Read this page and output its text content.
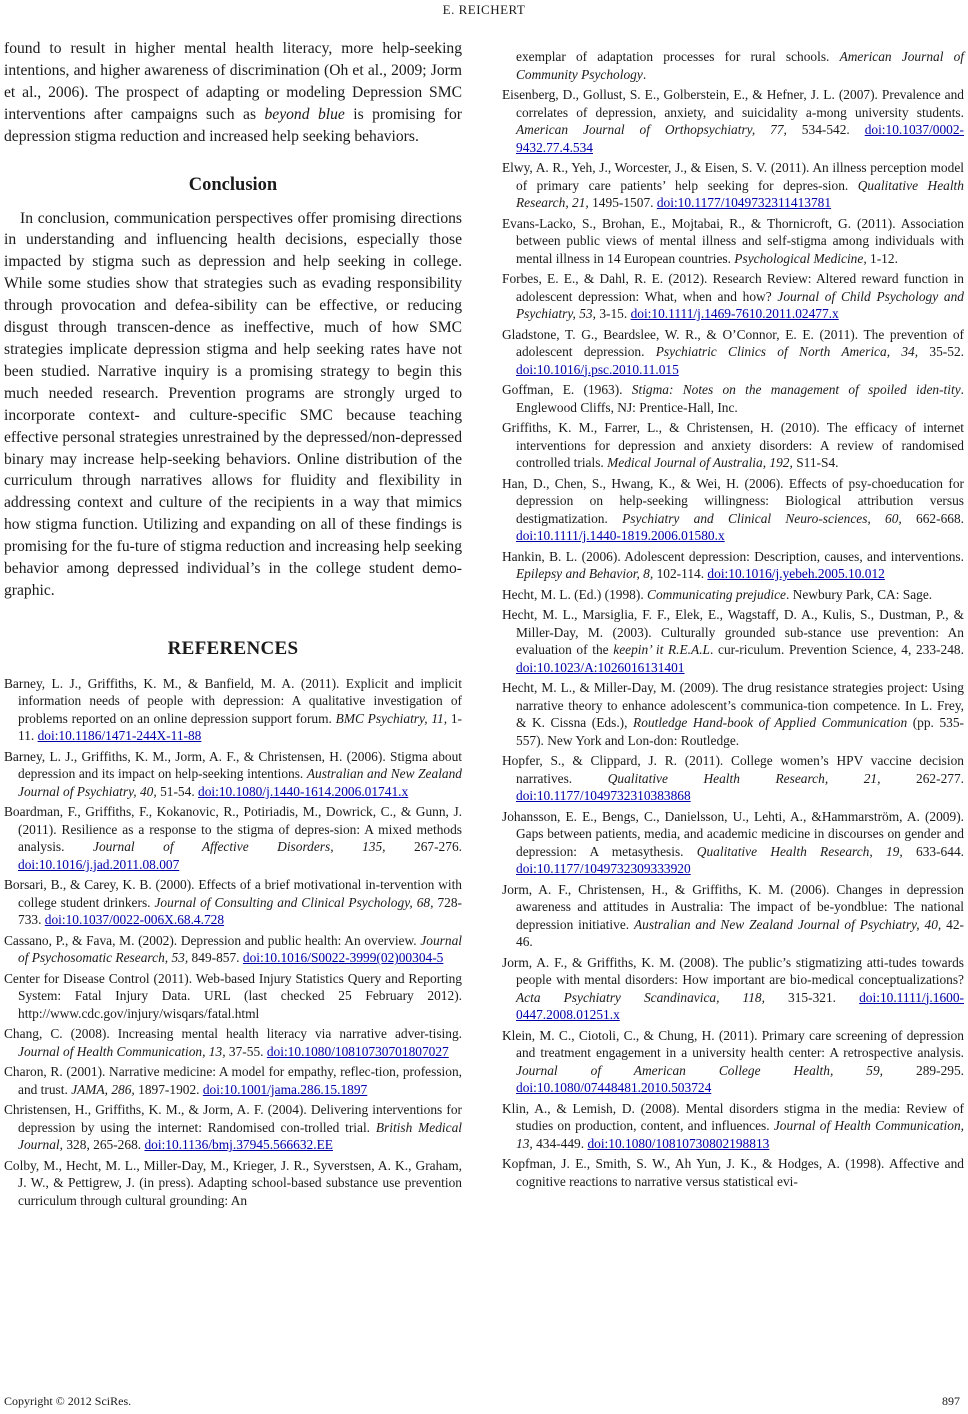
E. REICHERT

found to result in higher mental health literacy, more help-seeking intentions, and higher awareness of discrimination (Oh et al., 2009; Jorm et al., 2006). The prospect of adapting or modeling Depression SMC interventions after campaigns such as beyond blue is promising for depression stigma reduction and increased help seeking behaviors.

Conclusion

In conclusion, communication perspectives offer promising directions in understanding and influencing health decisions, especially those impacted by stigma such as depression and help seeking in college. While some studies show that strategies such as evading responsibility through provocation and defea-sibility can be effective, or reducing disgust through transcen-dence as ineffective, much of how SMC strategies implicate depression stigma and help seeking rates have not been studied. Narrative inquiry is a promising strategy to begin this much needed research. Prevention programs are strongly urged to incorporate context- and culture-specific SMC because teaching effective personal strategies unrestrained by the depressed/non-depressed binary may increase help-seeking behaviors. Online distribution of the curriculum through narratives allows for fluidity and flexibility in addressing context and culture of the recipients in a way that mimics how stigma function. Utilizing and expanding on all of these findings is promising for the fu-ture of stigma reduction and increasing help seeking behavior among depressed individual’s in the college student demo-graphic.

REFERENCES

Barney, L. J., Griffiths, K. M., & Banfield, M. A. (2011). Explicit and implicit information needs of people with depression: A qualitative investigation of problems reported on an online depression support forum. BMC Psychiatry, 11, 1-11. doi:10.1186/1471-244X-11-88

Barney, L. J., Griffiths, K. M., Jorm, A. F., & Christensen, H. (2006). Stigma about depression and its impact on help-seeking intentions. Australian and New Zealand Journal of Psychiatry, 40, 51-54. doi:10.1080/j.1440-1614.2006.01741.x

Boardman, F., Griffiths, F., Kokanovic, R., Potiriadis, M., Dowrick, C., & Gunn, J. (2011). Resilience as a response to the stigma of depres-sion: A mixed methods analysis. Journal of Affective Disorders, 135, 267-276. doi:10.1016/j.jad.2011.08.007

Borsari, B., & Carey, K. B. (2000). Effects of a brief motivational in-tervention with college student drinkers. Journal of Consulting and Clinical Psychology, 68, 728-733. doi:10.1037/0022-006X.68.4.728

Cassano, P., & Fava, M. (2002). Depression and public health: An overview. Journal of Psychosomatic Research, 53, 849-857. doi:10.1016/S0022-3999(02)00304-5

Center for Disease Control (2011). Web-based Injury Statistics Query and Reporting System: Fatal Injury Data. URL (last checked 25 February 2012). http://www.cdc.gov/injury/wisqars/fatal.html

Chang, C. (2008). Increasing mental health literacy via narrative adver-tising. Journal of Health Communication, 13, 37-55. doi:10.1080/10810730701807027

Charon, R. (2001). Narrative medicine: A model for empathy, reflec-tion, profession, and trust. JAMA, 286, 1897-1902. doi:10.1001/jama.286.15.1897

Christensen, H., Griffiths, K. M., & Jorm, A. F. (2004). Delivering interventions for depression by using the internet: Randomised con-trolled trial. British Medical Journal, 328, 265-268. doi:10.1136/bmj.37945.566632.EE

Colby, M., Hecht, M. L., Miller-Day, M., Krieger, J. R., Syverstsen, A. K., Graham, J. W., & Pettigrew, J. (in press). Adapting school-based substance use prevention curriculum through cultural grounding: An

exemplar of adaptation processes for rural schools. American Journal of Community Psychology.

Eisenberg, D., Gollust, S. E., Golberstein, E., & Hefner, J. L. (2007). Prevalence and correlates of depression, anxiety, and suicidality a-mong university students. American Journal of Orthopsychiatry, 77, 534-542. doi:10.1037/0002-9432.77.4.534

Elwy, A. R., Yeh, J., Worcester, J., & Eisen, S. V. (2011). An illness perception model of primary care patients’ help seeking for depres-sion. Qualitative Health Research, 21, 1495-1507. doi:10.1177/1049732311413781

Evans-Lacko, S., Brohan, E., Mojtabai, R., & Thornicroft, G. (2011). Association between public views of mental illness and self-stigma among individuals with mental illness in 14 European countries. Psychological Medicine, 1-12.

Forbes, E. E., & Dahl, R. E. (2012). Research Review: Altered reward function in adolescent depression: What, when and how? Journal of Child Psychology and Psychiatry, 53, 3-15. doi:10.1111/j.1469-7610.2011.02477.x

Gladstone, T. G., Beardslee, W. R., & O’Connor, E. E. (2011). The prevention of adolescent depression. Psychiatric Clinics of North America, 34, 35-52. doi:10.1016/j.psc.2010.11.015

Goffman, E. (1963). Stigma: Notes on the management of spoiled iden-tity. Englewood Cliffs, NJ: Prentice-Hall, Inc.

Griffiths, K. M., Farrer, L., & Christensen, H. (2010). The efficacy of internet interventions for depression and anxiety disorders: A review of randomised controlled trials. Medical Journal of Australia, 192, S11-S4.

Han, D., Chen, S., Hwang, K., & Wei, H. (2006). Effects of psy-choeducation for depression on help-seeking willingness: Biological attribution versus destigmatization. Psychiatry and Clinical Neuro-sciences, 60, 662-668. doi:10.1111/j.1440-1819.2006.01580.x

Hankin, B. L. (2006). Adolescent depression: Description, causes, and interventions. Epilepsy and Behavior, 8, 102-114. doi:10.1016/j.yebeh.2005.10.012

Hecht, M. L. (Ed.) (1998). Communicating prejudice. Newbury Park, CA: Sage.

Hecht, M. L., Marsiglia, F. F., Elek, E., Wagstaff, D. A., Kulis, S., Dustman, P., & Miller-Day, M. (2003). Culturally grounded sub-stance use prevention: An evaluation of the keepin’ it R.E.A.L. cur-riculum. Prevention Science, 4, 233-248. doi:10.1023/A:1026016131401

Hecht, M. L., & Miller-Day, M. (2009). The drug resistance strategies project: Using narrative theory to enhance adolescent’s communica-tion competence. In L. Frey, & K. Cissna (Eds.), Routledge Hand-book of Applied Communication (pp. 535-557). New York and Lon-don: Routledge.

Hopfer, S., & Clippard, J. R. (2011). College women’s HPV vaccine decision narratives. Qualitative Health Research, 21, 262-277. doi:10.1177/1049732310383868

Johansson, E. E., Bengs, C., Danielsson, U., Lehti, A., &Hammarström, A. (2009). Gaps between patients, media, and academic medicine in discourses on gender and depression: A metasythesis. Qualitative Health Research, 19, 633-644. doi:10.1177/1049732309333920

Jorm, A. F., Christensen, H., & Griffiths, K. M. (2006). Changes in depression awareness and attitudes in Australia: The impact of be-yondblue: The national depression initiative. Australian and New Zealand Journal of Psychiatry, 40, 42-46.

Jorm, A. F., & Griffiths, K. M. (2008). The public’s stigmatizing atti-tudes towards people with mental disorders: How important are bio-medical conceptualizations? Acta Psychiatry Scandinavica, 118, 315-321. doi:10.1111/j.1600-0447.2008.01251.x

Klein, M. C., Ciotoli, C., & Chung, H. (2011). Primary care screening of depression and treatment engagement in a university health center: A retrospective analysis. Journal of American College Health, 59, 289-295. doi:10.1080/07448481.2010.503724

Klin, A., & Lemish, D. (2008). Mental disorders stigma in the media: Review of studies on production, content, and influences. Journal of Health Communication, 13, 434-449. doi:10.1080/10810730802198813

Kopfman, J. E., Smith, S. W., Ah Yun, J. K., & Hodges, A. (1998). Affective and cognitive reactions to narrative versus statistical evi-

Copyright © 2012 SciRes.	897
